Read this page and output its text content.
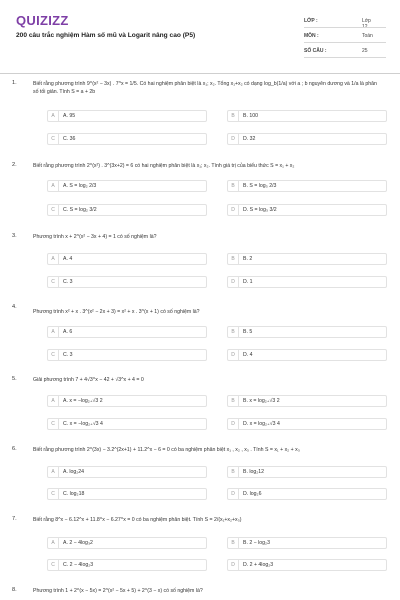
QUIZIZZ
200 câu trắc nghiệm Hàm số mũ và Logarit nâng cao (P5)
LỚP :	Lớp 12
MÔN :	Toán
SỐ CÂU :	25
1.	Biết rằng phương trình 9^(x² − 3x) . 7^x = 1/5. Có hai nghiệm phân biệt là x₁; x₂. Tổng x₁+x₂ có dạng log_b(1/a) với a ; b nguyên dương và 1/a là phân số tối giản. Tính S = a + 2b
A	A. 95	B	B. 100
C	C. 36	D	D. 32
2.	Biết rằng phương trình 2^(x²) . 3^(3x+2) = 6 có hai nghiệm phân biệt là x₁; x₂. Tính giá trị của biểu thức S = x₁ + x₂
A	A. S = log₂ 2/3	B	B. S = log₃ 2/3
C	C. S = log₂ 3/2	D	D. S = log₃ 3/2
3.	Phương trình x + 2^(x² − 3x + 4) = 1 có số nghiệm là?
A	A. 4	B	B. 2
C	C. 3	D	D. 1
4.
Phương trình x² + x . 3^(x² − 2x + 3) = x² + x . 3^(x + 1) có số nghiệm là?
A	A. 6	B	B. 5
C	C. 3	D	D. 4
5.	Giải phương trình 7 + 4√3^x − 42 + √3^x + 4 = 0
A	A. x = −log₂₊√3 2	B	B. x = log₂₊√3 2
C	C. x = −log₂₊√3 4	D	D. x = log₂₊√3 4
6.	Biết rằng phương trình 2^(3x) − 3.2^(2x+1) + 11.2^x − 6 = 0 có ba nghiệm phân biệt x₁ , x₂ , x₃ . Tính S = x₁ + x₂ + x₃
A	A. log₂24	B	B. log₂12
C	C. log₂18	D	D. log₂6
7.	Biết rằng 8^x − 6.12^x + 11.8^x − 6.27^x = 0 có ba nghiệm phân biệt. Tính S = 2/(x₁+x₂+x₃)
A	A. 2 − 4log₃2	B	B. 2 − log₂3
C	C. 2 − 4log₂3	D	D. 2 + 4log₂3
8.	Phương trình 1 + 2^(x − 5x) = 2^(x² − 5x + 5) + 2^(3 − x) có số nghiệm là?
